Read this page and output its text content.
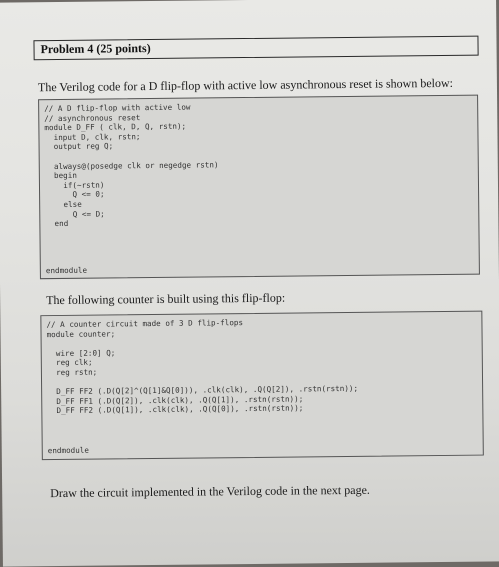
Problem 4 (25 points)
The Verilog code for a D flip-flop with active low asynchronous reset is shown below:
// A D flip-flop with active low
// asynchronous reset
module D_FF ( clk, D, Q, rstn);
input D, clk, rstn;
output reg Q;

always@(posedge clk or negedge rstn)
begin
if(~rstn)
Q <= 0;
else
Q <= D;
end

endmodule
The following counter is built using this flip-flop:
// A counter circuit made of 3 D flip-flops
module counter;

wire [2:0] Q;
reg clk;
reg rstn;

D_FF FF2 (.D(Q[2]^(Q[1]&Q[0])), .clk(clk), .Q(Q[2]), .rstn(rstn));
D_FF FF1 (.D(Q[2]), .clk(clk), .Q(Q[1]), .rstn(rstn));
D_FF FF2 (.D(Q[1]), .clk(clk), .Q(Q[0]), .rstn(rstn));

endmodule
Draw the circuit implemented in the Verilog code in the next page.
